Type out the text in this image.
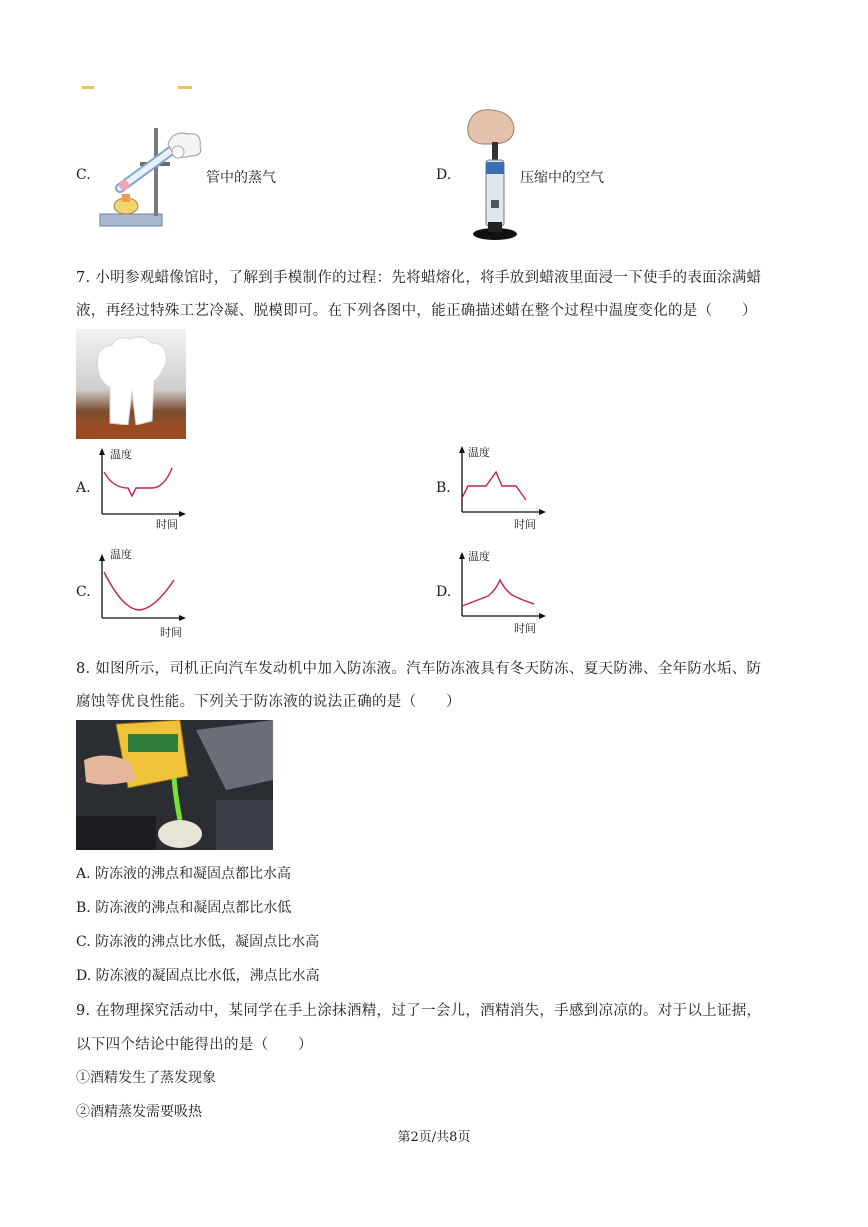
C.	管中的蒸气	D.	压缩中的空气
7. 小明参观蜡像馆时，了解到手模制作的过程：先将蜡熔化，将手放到蜡液里面浸一下使手的表面涂满蜡
液，再经过特殊工艺冷凝、脱模即可。在下列各图中，能正确描述蜡在整个过程中温度变化的是（　　）
A.
温度
时间
B.
温度
时间
C.
温度
时间
D.
温度
时间
8. 如图所示，司机正向汽车发动机中加入防冻液。汽车防冻液具有冬天防冻、夏天防沸、全年防水垢、防
腐蚀等优良性能。下列关于防冻液的说法正确的是（　　）
A. 防冻液的沸点和凝固点都比水高
B. 防冻液的沸点和凝固点都比水低
C. 防冻液的沸点比水低，凝固点比水高
D. 防冻液的凝固点比水低，沸点比水高
9. 在物理探究活动中，某同学在手上涂抹酒精，过了一会儿，酒精消失，手感到凉凉的。对于以上证据，
以下四个结论中能得出的是（　　）
①酒精发生了蒸发现象
②酒精蒸发需要吸热
第2页/共8页
